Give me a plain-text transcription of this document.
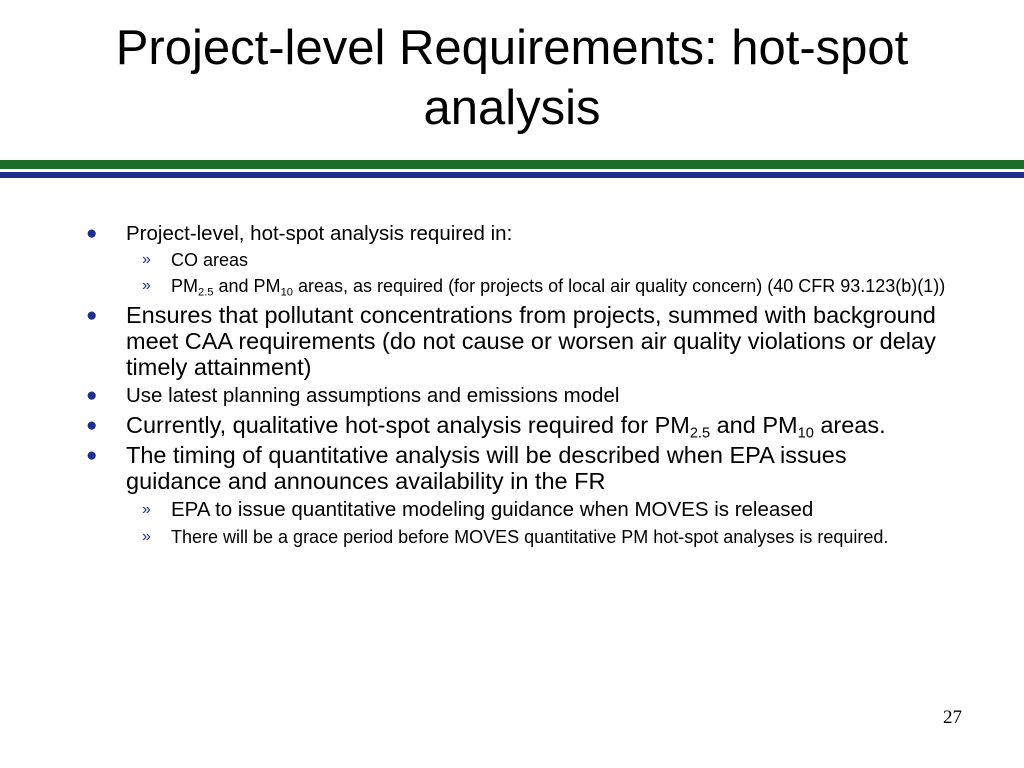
Project-level Requirements: hot-spot analysis
● Project-level, hot-spot analysis required in:
» CO areas
» $PM_{2.5}$ and $PM_{10}$ areas, as required (for projects of local air quality concern) (40 CFR 93.123(b)(1))
● Ensures that pollutant concentrations from projects, summed with background meet CAA requirements (do not cause or worsen air quality violations or delay timely attainment)
● Use latest planning assumptions and emissions model
● Currently, qualitative hot-spot analysis required for $PM_{2.5}$ and $PM_{10}$ areas.
● The timing of quantitative analysis will be described when EPA issues guidance and announces availability in the FR
» EPA to issue quantitative modeling guidance when MOVES is released
» There will be a grace period before MOVES quantitative PM hot-spot analyses is required.
27
